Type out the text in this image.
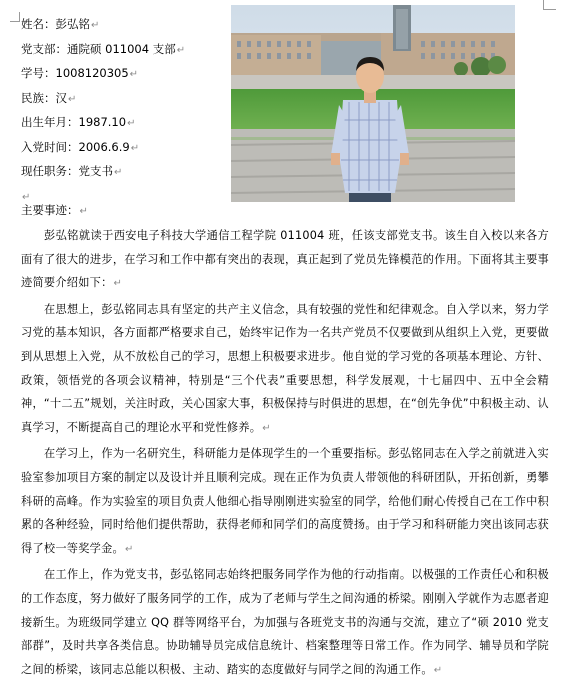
姓名：彭弘铭↵
党支部：通院硕 011004 支部↵
学号：1008120305↵
民族：汉↵
出生年月：1987.10↵
入党时间：2006.6.9↵
现任职务：党支书↵
↵
主要事迹：↵
彭弘铭就读于西安电子科技大学通信工程学院 011004 班，任该支部党支书。该生自入校以来各方面有了很大的进步，在学习和工作中都有突出的表现，真正起到了党员先锋模范的作用。下面将其主要事迹简要介绍如下：↵
在思想上，彭弘铭同志具有坚定的共产主义信念，具有较强的党性和纪律观念。自入学以来，努力学习党的基本知识，各方面都严格要求自己，始终牢记作为一名共产党员不仅要做到从组织上入党，更要做到从思想上入党，从不放松自己的学习，思想上积极要求进步。他自觉的学习党的各项基本理论、方针、政策，领悟党的各项会议精神，特别是“三个代表”重要思想，科学发展观，十七届四中、五中全会精神，“十二五”规划，关注时政，关心国家大事，积极保持与时俱进的思想，在“创先争优”中积极主动、认真学习，不断提高自己的理论水平和党性修养。↵
在学习上，作为一名研究生，科研能力是体现学生的一个重要指标。彭弘铭同志在入学之前就进入实验室参加项目方案的制定以及设计并且顺利完成。现在正作为负责人带领他的科研团队，开拓创新，勇攀科研的高峰。作为实验室的项目负责人他细心指导刚刚进实验室的同学，给他们耐心传授自己在工作中积累的各种经验，同时给他们提供帮助，获得老师和同学们的高度赞扬。由于学习和科研能力突出该同志获得了校一等奖学金。↵
在工作上，作为党支书，彭弘铭同志始终把服务同学作为他的行动指南。以极强的工作责任心和积极的工作态度，努力做好了服务同学的工作，成为了老师与学生之间沟通的桥梁。刚刚入学就作为志愿者迎接新生。为班级同学建立 QQ 群等网络平台，为加强与各班党支书的沟通与交流，建立了“硕 2010 党支部群”，及时共享各类信息。协助辅导员完成信息统计、档案整理等日常工作。作为同学、辅导员和学院之间的桥梁，该同志总能以积极、主动、踏实的态度做好与同学之间的沟通工作。↵
